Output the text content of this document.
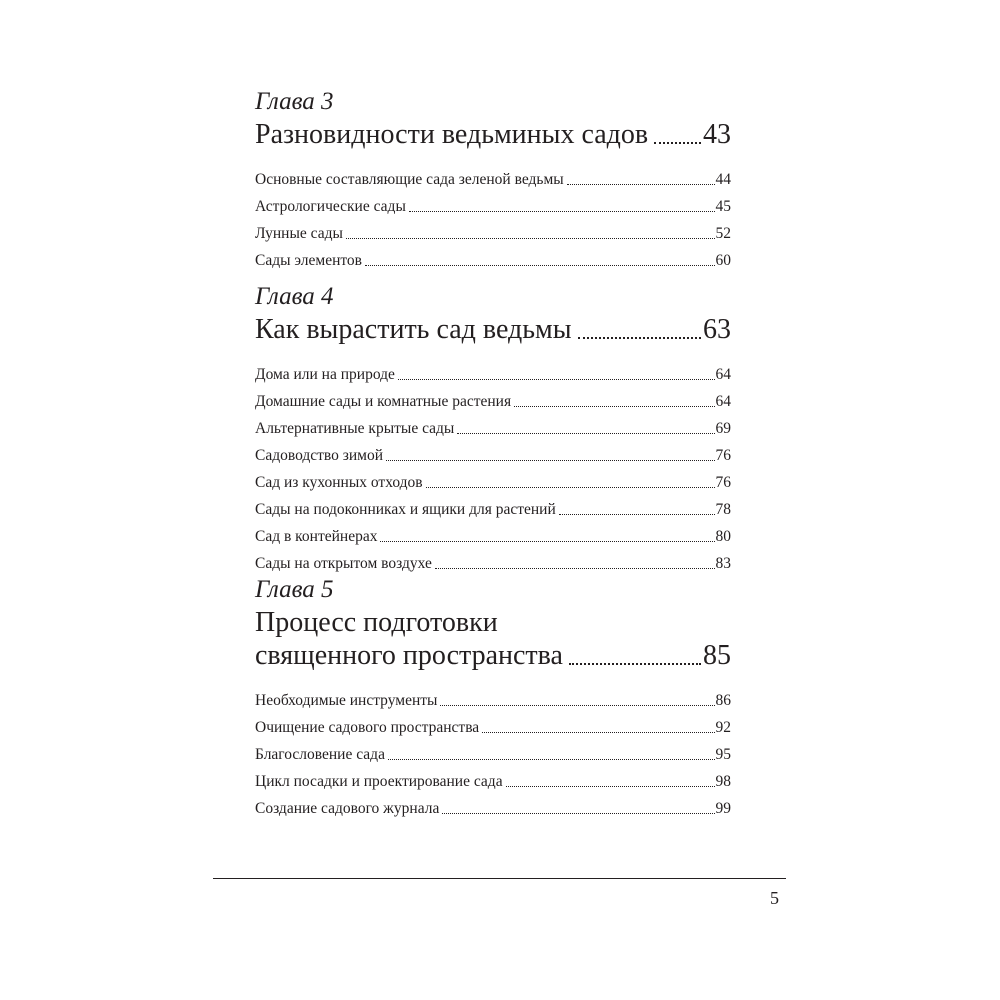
Глава 3
Разновидности ведьминых садов 43
Основные составляющие сада зеленой ведьмы	44
Астрологические сады	45
Лунные сады	52
Сады элементов	60
Глава 4
Как вырастить сад ведьмы	63
Дома или на природе	64
Домашние сады и комнатные растения	64
Альтернативные крытые сады	69
Садоводство зимой	76
Сад из кухонных отходов	76
Сады на подоконниках и ящики для растений	78
Сад в контейнерах	80
Сады на открытом воздухе	83
Глава 5
Процесс подготовки
священного пространства	85
Необходимые инструменты	86
Очищение садового пространства	92
Благословение сада	95
Цикл посадки и проектирование сада	98
Создание садового журнала	99
5
